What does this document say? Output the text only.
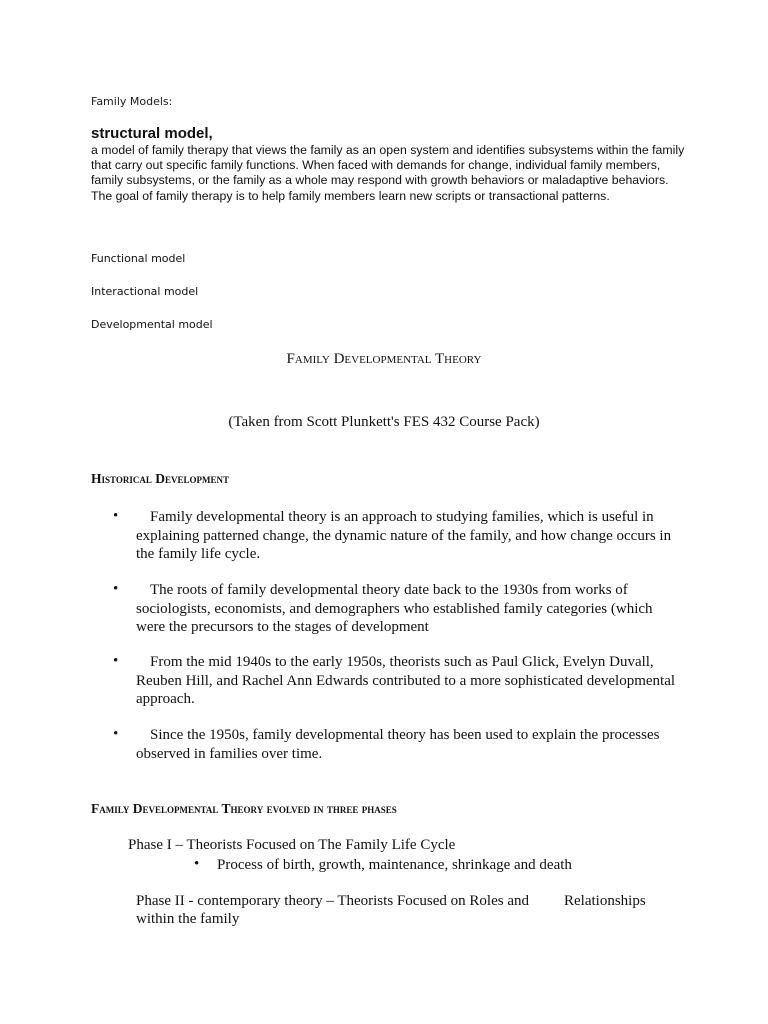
Family Models:
structural model,
a model of family therapy that views the family as an open system and identifies subsystems within the family that carry out specific family functions. When faced with demands for change, individual family members, family subsystems, or the family as a whole may respond with growth behaviors or maladaptive behaviors. The goal of family therapy is to help family members learn new scripts or transactional patterns.
Functional model
Interactional model
Developmental model
Family Developmental Theory
(Taken from Scott Plunkett's FES 432 Course Pack)
Historical Development
•	Family developmental theory is an approach to studying families, which is useful in explaining patterned change, the dynamic nature of the family, and how change occurs in the family life cycle.
•	The roots of family developmental theory date back to the 1930s from works of sociologists, economists, and demographers who established family categories (which were the precursors to the stages of development
•	From the mid 1940s to the early 1950s, theorists such as Paul Glick, Evelyn Duvall, Reuben Hill, and Rachel Ann Edwards contributed to a more sophisticated developmental approach.
•	Since the 1950s, family developmental theory has been used to explain the processes observed in families over time.
Family Developmental Theory evolved in three phases
Phase I – Theorists Focused on The Family Life Cycle
• Process of birth, growth, maintenance, shrinkage and death
Phase II - contemporary theory – Theorists Focused on Roles and Relationships
within the family
